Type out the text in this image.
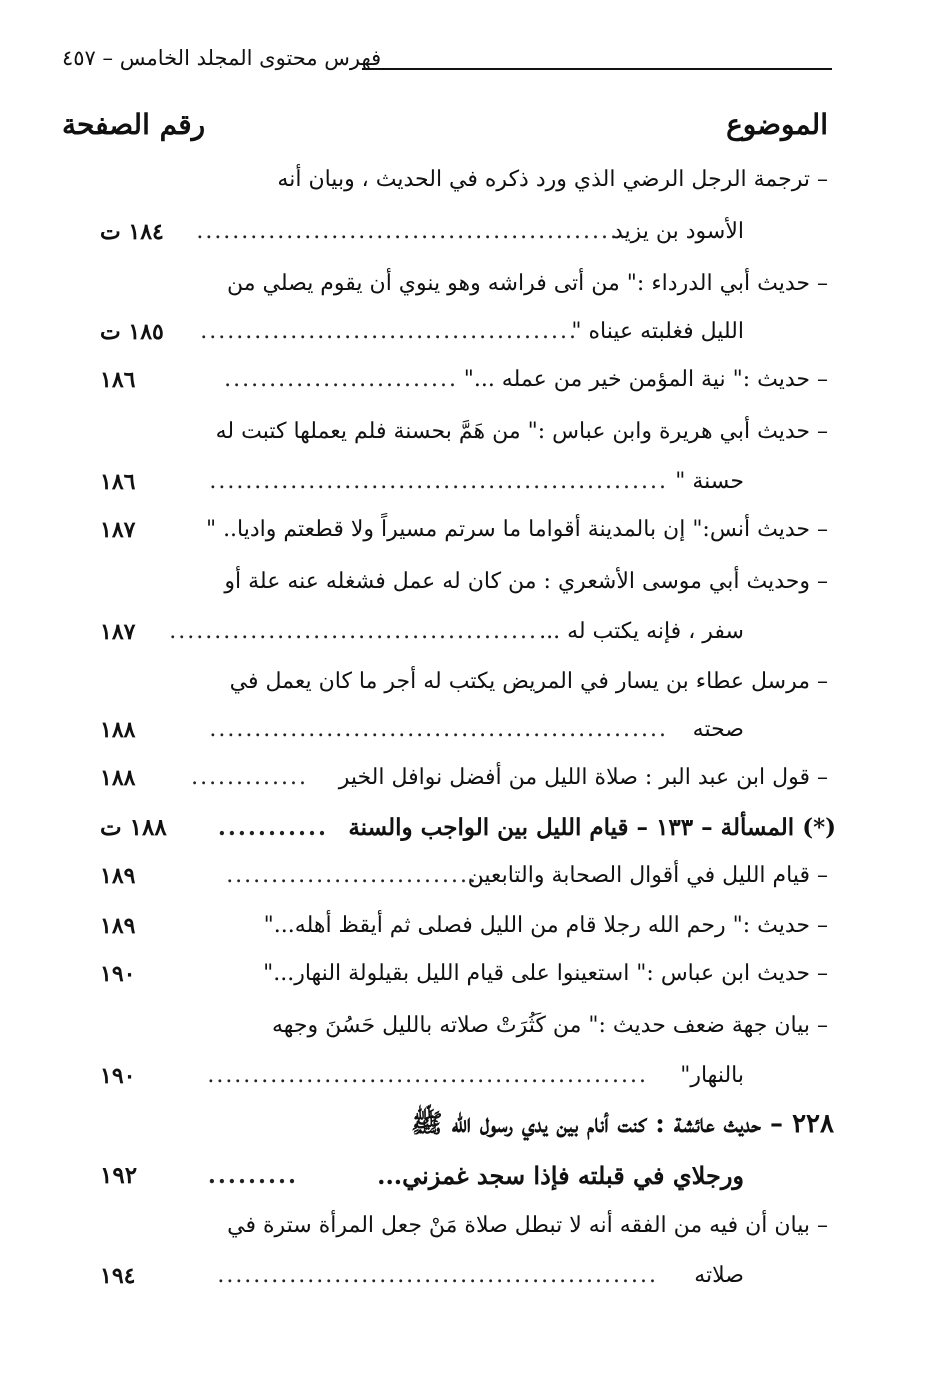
فهرس محتوى المجلد الخامس – ٤٥٧
الموضوع
رقم الصفحة
– ترجمة الرجل الرضي الذي ورد ذكره في الحديث ، وبيان أنه
الأسود بن يزيد
................................................
١٨٤ ت
– حديث أبي الدرداء :" من أتى فراشه وهو ينوي أن يقوم يصلي من
الليل فغلبته عيناه "
..........................................
١٨٥ ت
– حديث :" نية المؤمن خير من عمله ..."
..........................
١٨٦
– حديث أبي هريرة وابن عباس :" من هَمَّ بحسنة فلم يعملها كتبت له
حسنة "
...................................................
١٨٦
– حديث أنس:" إن بالمدينة أقواما ما سرتم مسيراً ولا قطعتم واديا.. "
١٨٧
– وحديث أبي موسى الأشعري : من كان له عمل فشغله عنه علة أو
سفر ، فإنه يكتب له ...
.........................................
١٨٧
– مرسل عطاء بن يسار في المريض يكتب له أجر ما كان يعمل في
صحته
...................................................
١٨٨
– قول ابن عبد البر : صلاة الليل من أفضل نوافل الخير
.............
١٨٨
(*) المسألة – ١٣٣ – قيام الليل بين الواجب والسنة
...........
١٨٨ ت
– قيام الليل في أقوال الصحابة والتابعين
............................
١٨٩
– حديث :" رحم الله رجلا قام من الليل فصلى ثم أيقظ أهله..."
١٨٩
– حديث ابن عباس :" استعينوا على قيام الليل بقيلولة النهار..."
١٩٠
– بيان جهة ضعف حديث :" من كَثُرَتْ صلاته بالليل حَسُنَ وجهه
بالنهار"
.................................................
١٩٠
٢٢٨ – حديث عائشة : كنت أنام بين يدي رسول الله ﷺ
ورجلاي في قبلته فإذا سجد غمزني...
.........
١٩٢
– بيان أن فيه من الفقه أنه لا تبطل صلاة مَنْ جعل المرأة سترة في
صلاته
.................................................
١٩٤
